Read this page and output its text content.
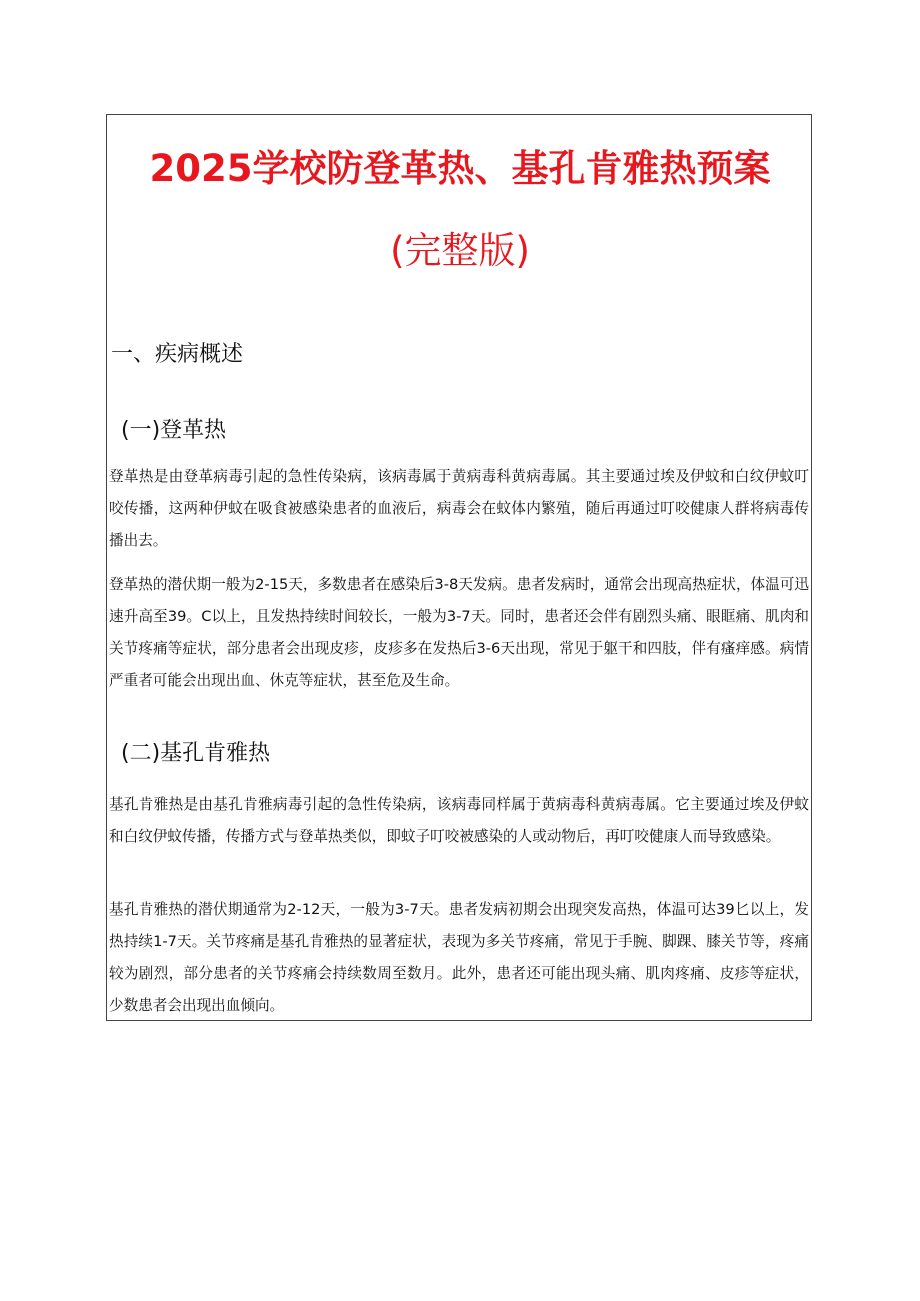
2025学校防登革热、基孔肯雅热预案
(完整版)
一、疾病概述
(一)登革热

登革热是由登革病毒引起的急性传染病，该病毒属于黄病毒科黄病毒属。其主要通过埃及伊蚊和白纹伊蚊叮咬传播，这两种伊蚊在吸食被感染患者的血液后，病毒会在蚊体内繁殖，随后再通过叮咬健康人群将病毒传播出去。

登革热的潜伏期一般为2-15天，多数患者在感染后3-8天发病。患者发病时，通常会出现高热症状，体温可迅速升高至39。C以上，且发热持续时间较长，一般为3-7天。同时，患者还会伴有剧烈头痛、眼眶痛、肌肉和关节疼痛等症状，部分患者会出现皮疹，皮疹多在发热后3-6天出现，常见于躯干和四肢，伴有瘙痒感。病情严重者可能会出现出血、休克等症状，甚至危及生命。

(二)基孔肯雅热

基孔肯雅热是由基孔肯雅病毒引起的急性传染病，该病毒同样属于黄病毒科黄病毒属。它主要通过埃及伊蚊和白纹伊蚊传播，传播方式与登革热类似，即蚊子叮咬被感染的人或动物后，再叮咬健康人而导致感染。

基孔肯雅热的潜伏期通常为2-12天，一般为3-7天。患者发病初期会出现突发高热，体温可达39匕以上，发热持续1-7天。关节疼痛是基孔肯雅热的显著症状，表现为多关节疼痛，常见于手腕、脚踝、膝关节等，疼痛较为剧烈，部分患者的关节疼痛会持续数周至数月。此外，患者还可能出现头痛、肌肉疼痛、皮疹等症状，少数患者会出现出血倾向。
